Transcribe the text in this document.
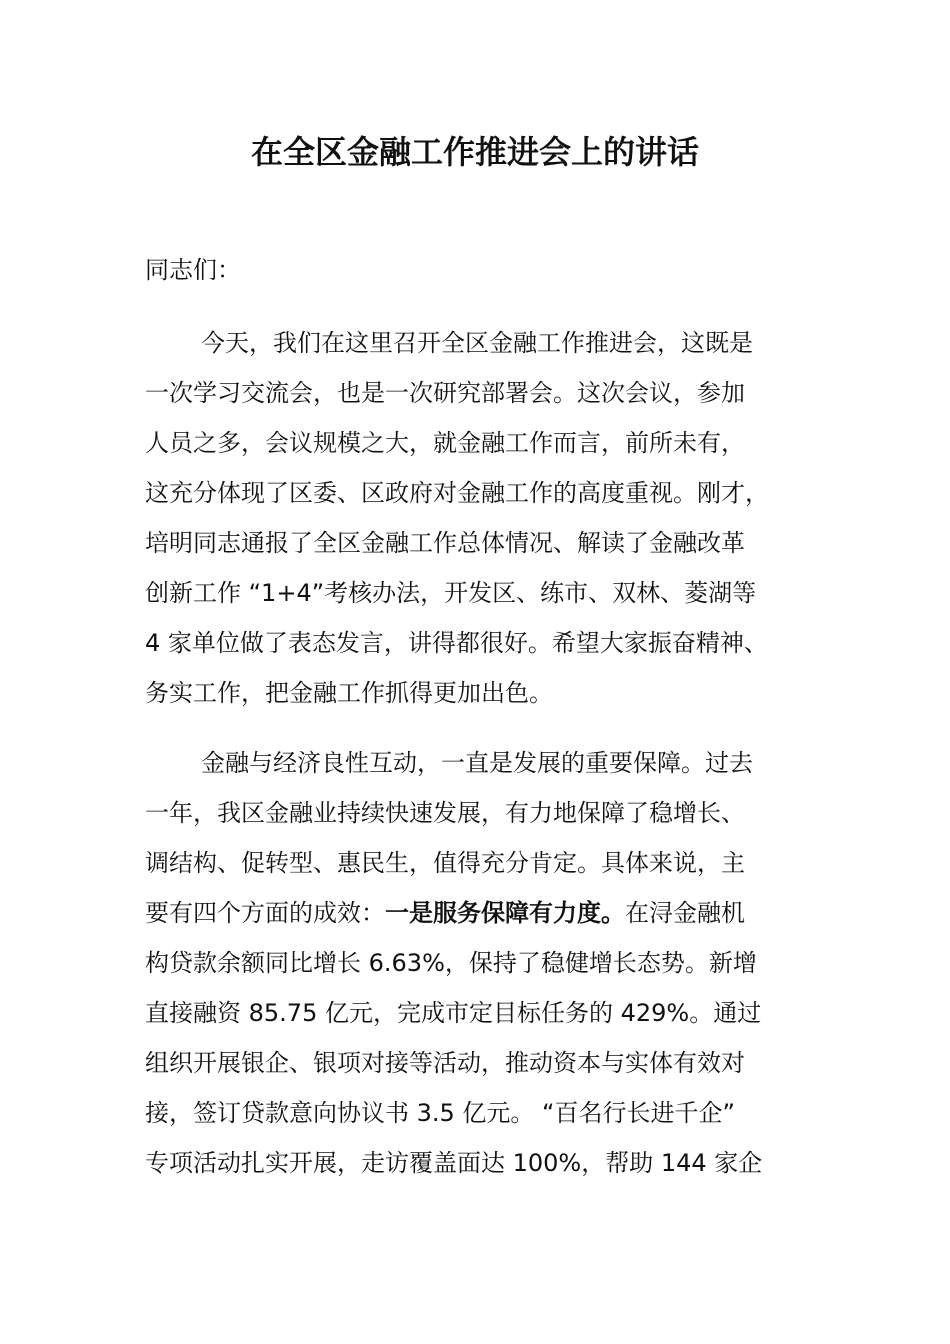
在全区金融工作推进会上的讲话
同志们：
今天，我们在这里召开全区金融工作推进会，这既是
一次学习交流会，也是一次研究部署会。这次会议，参加
人员之多，会议规模之大，就金融工作而言，前所未有，
这充分体现了区委、区政府对金融工作的高度重视。刚才，
培明同志通报了全区金融工作总体情况、解读了金融改革
创新工作 “1+4”考核办法，开发区、练市、双林、菱湖等
4 家单位做了表态发言，讲得都很好。希望大家振奋精神、
务实工作，把金融工作抓得更加出色。
金融与经济良性互动，一直是发展的重要保障。过去
一年，我区金融业持续快速发展，有力地保障了稳增长、
调结构、促转型、惠民生，值得充分肯定。具体来说，主
要有四个方面的成效：一是服务保障有力度。在浔金融机
构贷款余额同比增长 6.63%，保持了稳健增长态势。新增
直接融资 85.75 亿元，完成市定目标任务的 429%。通过
组织开展银企、银项对接等活动，推动资本与实体有效对
接，签订贷款意向协议书 3.5 亿元。 “百名行长进千企”
专项活动扎实开展，走访覆盖面达 100%，帮助 144 家企
